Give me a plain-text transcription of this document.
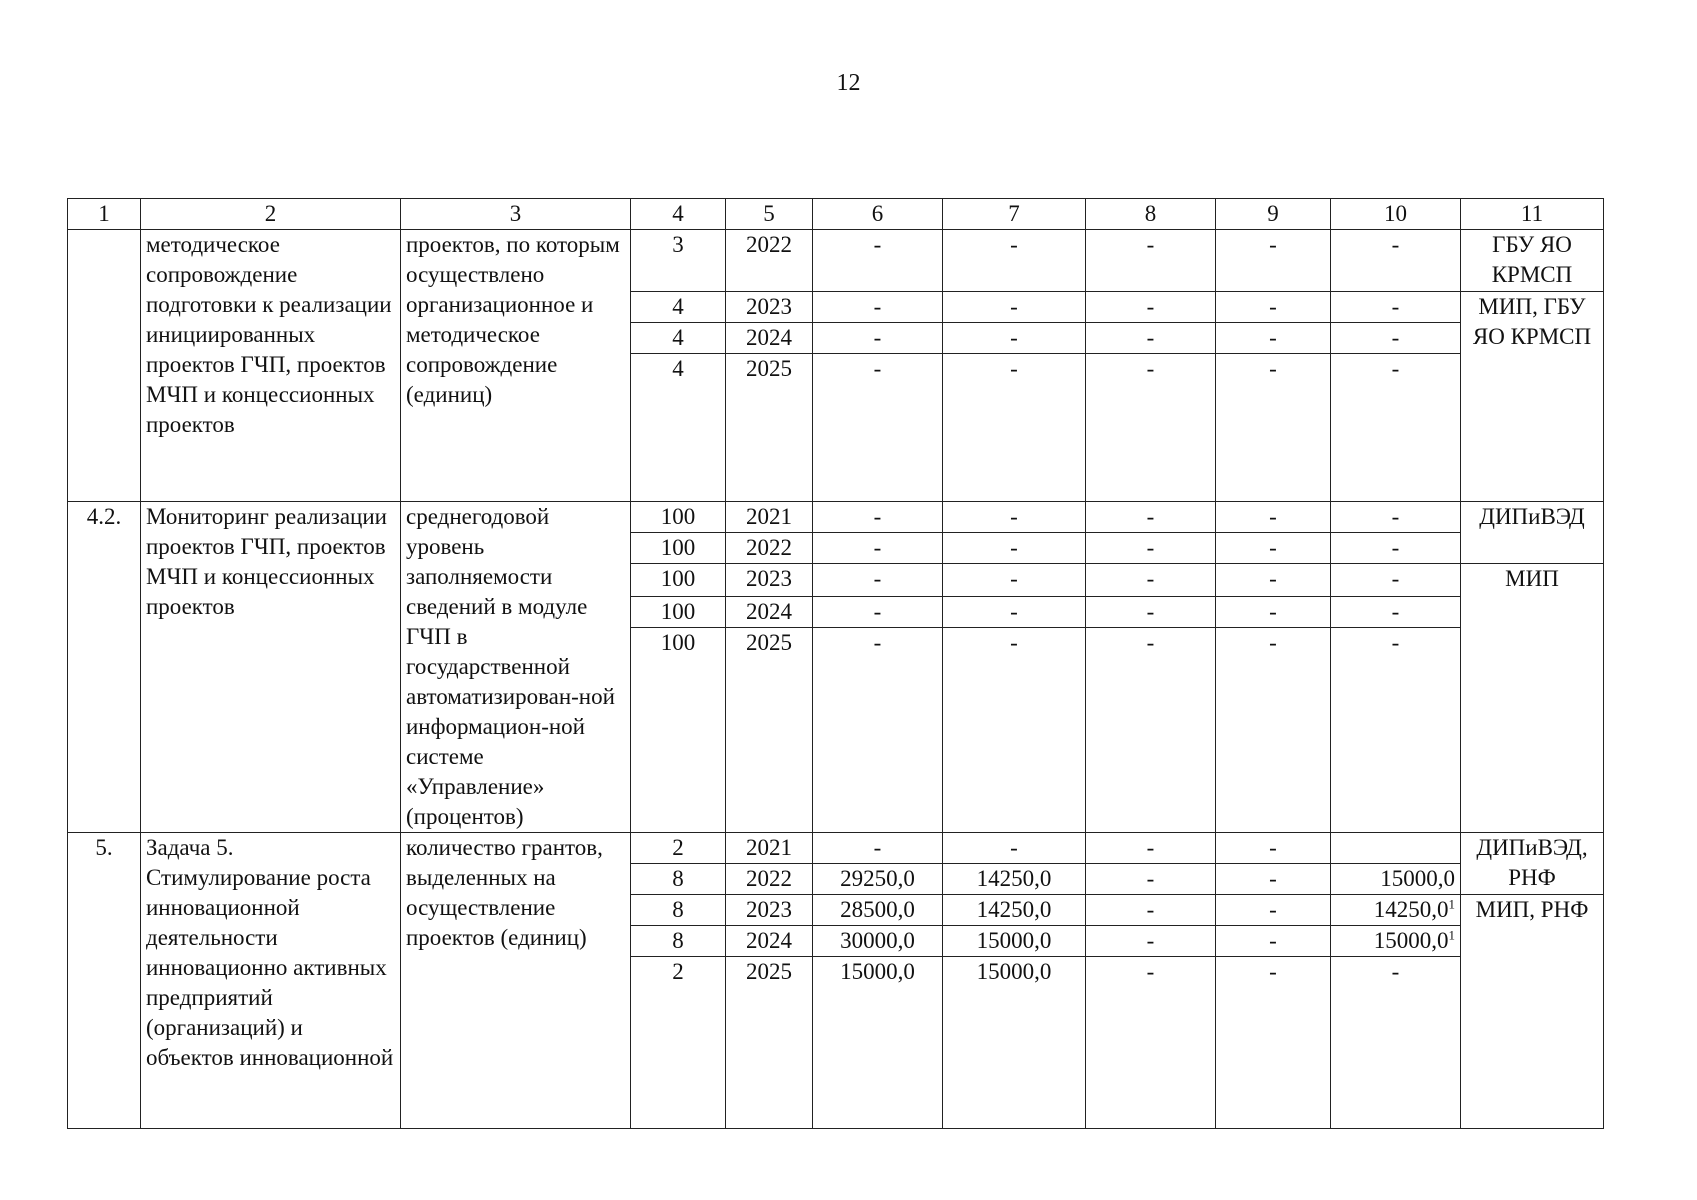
12
1	2	3	4	5	6	7	8	9	10	11
	методическое сопровождение подготовки к реализации инициированных проектов ГЧП, проектов МЧП и концессионных проектов	проектов, по которым осуществлено организационное и методическое сопровождение (единиц)	3	2022	-	-	-	-	-	ГБУ ЯО КРМСП
			4	2023	-	-	-	-	-	МИП, ГБУ ЯО КРМСП
			4	2024	-	-	-	-	-	
			4	2025	-	-	-	-	-	
4.2.	Мониторинг реализации проектов ГЧП, проектов МЧП и концессионных проектов	среднегодовой уровень заполняемости сведений в модуле ГЧП в государственной автоматизирован-ной информацион-ной системе «Управление» (процентов)	100	2021	-	-	-	-	-	ДИПиВЭД
			100	2022	-	-	-	-	-	
			100	2023	-	-	-	-	-	МИП
			100	2024	-	-	-	-	-	
			100	2025	-	-	-	-	-	
5.	Задача 5. Стимулирование роста инновационной деятельности инновационно активных предприятий (организаций) и объектов инновационной	количество грантов, выделенных на осуществление проектов (единиц)	2	2021	-	-	-	-		ДИПиВЭД, РНФ
			8	2022	29250,0	14250,0	-	-	15000,0	
			8	2023	28500,0	14250,0	-	-	14250,0$^1$	МИП, РНФ
			8	2024	30000,0	15000,0	-	-	15000,0$^1$
			2	2025	15000,0	15000,0	-	-	-	
